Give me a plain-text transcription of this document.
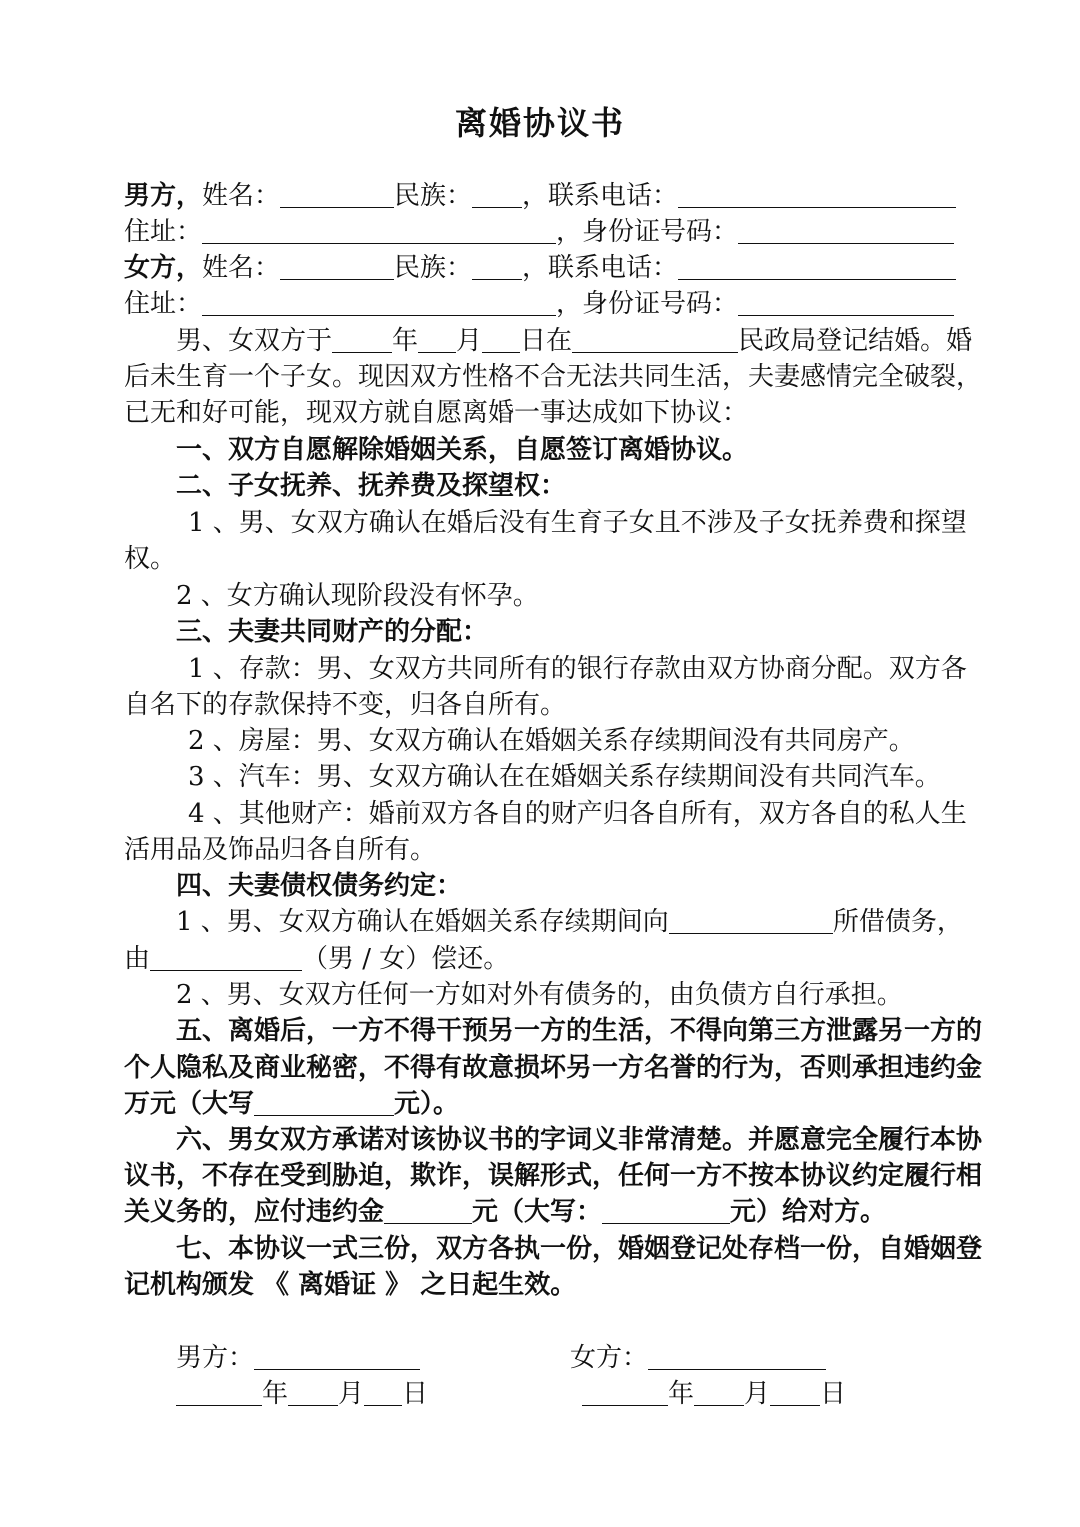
离婚协议书
男方，姓名：	民族： ，联系电话：
住址：	，身份证号码：
女方，姓名：	民族： ，联系电话：
住址：	，身份证号码：
男、女双方于 年 月 日在	民政局登记结婚。婚
后未生育一个子女。现因双方性格不合无法共同生活，夫妻感情完全破裂，
已无和好可能，现双方就自愿离婚一事达成如下协议：
一、双方自愿解除婚姻关系，自愿签订离婚协议。
二、子女抚养、抚养费及探望权：
1 、男、女双方确认在婚后没有生育子女且不涉及子女抚养费和探望
权。
2 、女方确认现阶段没有怀孕。
三、夫妻共同财产的分配：
1 、存款：男、女双方共同所有的银行存款由双方协商分配。双方各
自名下的存款保持不变，归各自所有。
2 、房屋：男、女双方确认在婚姻关系存续期间没有共同房产。
3 、汽车：男、女双方确认在在婚姻关系存续期间没有共同汽车。
4 、其他财产：婚前双方各自的财产归各自所有，双方各自的私人生
活用品及饰品归各自所有。
四、夫妻债权债务约定：
1 、男、女双方确认在婚姻关系存续期间向	所借债务，
由	（男 / 女）偿还。
2 、男、女双方任何一方如对外有债务的，由负债方自行承担。
五、离婚后，一方不得干预另一方的生活，不得向第三方泄露另一方的
个人隐私及商业秘密，不得有故意损坏另一方名誉的行为，否则承担违约金
万元（大写	元）。
六、男女双方承诺对该协议书的字词义非常清楚。并愿意完全履行本协
议书，不存在受到胁迫，欺诈，误解形式，任何一方不按本协议约定履行相
关义务的，应付违约金	元（大写：	元）给对方。
七、本协议一式三份，双方各执一份，婚姻登记处存档一份，自婚姻登
记机构颁发 《 离婚证 》 之日起生效。
男方：	女方：
年 月 日	年 月 日
